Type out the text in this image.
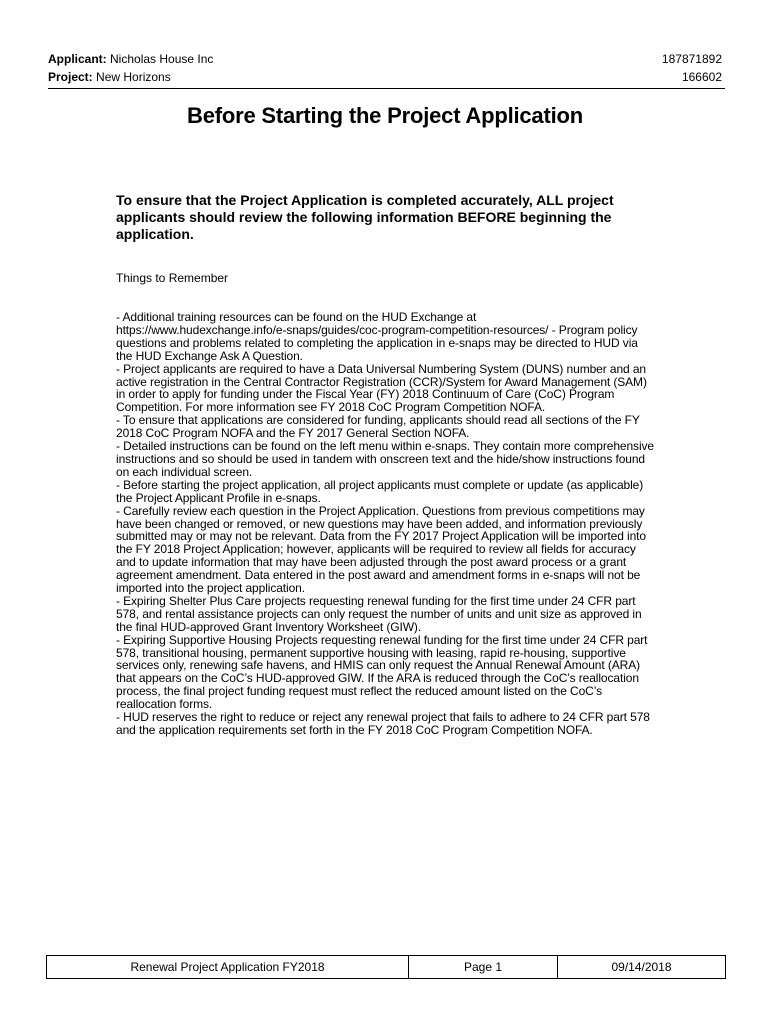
Applicant: Nicholas House Inc	187871892
Project: New Horizons	166602
Before Starting the Project Application
To ensure that the Project Application is completed accurately, ALL project applicants should review the following information BEFORE beginning the application.
Things to Remember
- Additional training resources can be found on the HUD Exchange at
https://www.hudexchange.info/e-snaps/guides/coc-program-competition-resources/ - Program policy questions and problems related to completing the application in e-snaps may be directed to HUD via the HUD Exchange Ask A Question.
- Project applicants are required to have a Data Universal Numbering System (DUNS) number and an active registration in the Central Contractor Registration (CCR)/System for Award Management (SAM) in order to apply for funding under the Fiscal Year (FY) 2018 Continuum of Care (CoC) Program Competition. For more information see FY 2018 CoC Program Competition NOFA.
- To ensure that applications are considered for funding, applicants should read all sections of the FY 2018 CoC Program NOFA and the FY 2017 General Section NOFA.
- Detailed instructions can be found on the left menu within e-snaps. They contain more comprehensive instructions and so should be used in tandem with onscreen text and the hide/show instructions found on each individual screen.
- Before starting the project application, all project applicants must complete or update (as applicable) the Project Applicant Profile in e-snaps.
- Carefully review each question in the Project Application. Questions from previous competitions may have been changed or removed, or new questions may have been added, and information previously submitted may or may not be relevant. Data from the FY 2017 Project Application will be imported into the FY 2018 Project Application; however, applicants will be required to review all fields for accuracy and to update information that may have been adjusted through the post award process or a grant agreement amendment. Data entered in the post award and amendment forms in e-snaps will not be imported into the project application.
- Expiring Shelter Plus Care projects requesting renewal funding for the first time under 24 CFR part 578, and rental assistance projects can only request the number of units and unit size as approved in the final HUD-approved Grant Inventory Worksheet (GIW).
- Expiring Supportive Housing Projects requesting renewal funding for the first time under 24 CFR part 578, transitional housing, permanent supportive housing with leasing, rapid re-housing, supportive services only, renewing safe havens, and HMIS can only request the Annual Renewal Amount (ARA) that appears on the CoC’s HUD-approved GIW. If the ARA is reduced through the CoC’s reallocation process, the final project funding request must reflect the reduced amount listed on the CoC’s reallocation forms.
- HUD reserves the right to reduce or reject any renewal project that fails to adhere to 24 CFR part 578 and the application requirements set forth in the FY 2018 CoC Program Competition NOFA.
Renewal Project Application FY2018	Page 1	09/14/2018
